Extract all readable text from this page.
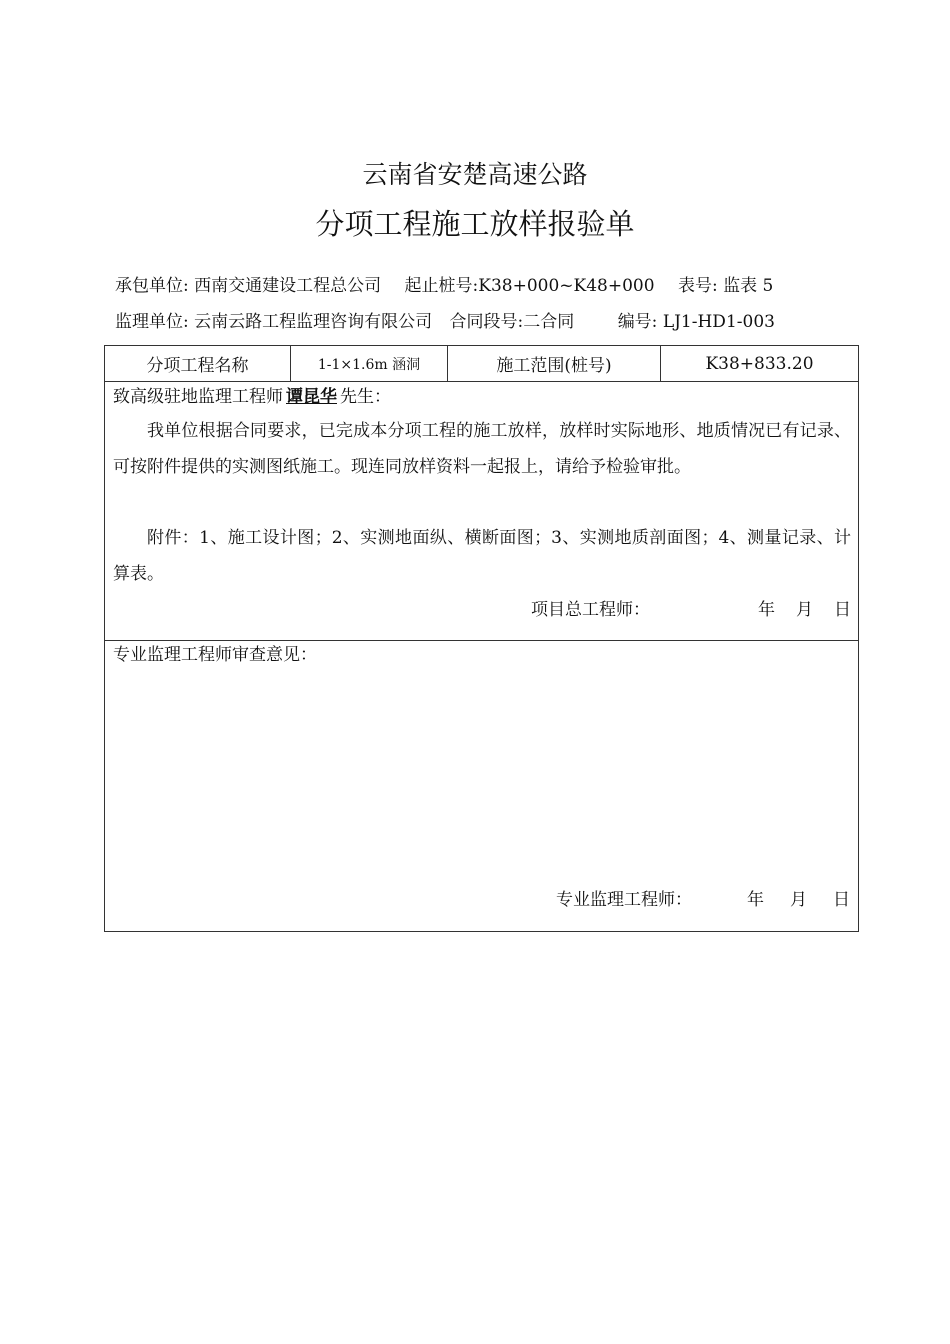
云南省安楚高速公路
分项工程施工放样报验单
承包单位: 西南交通建设工程总公司 起止桩号:K38+000~K48+000 表号: 监表 5
监理单位: 云南云路工程监理咨询有限公司 合同段号:二合同	编号: LJ1-HD1-003
分项工程名称	1-1×1.6m 涵洞	施工范围(桩号)	K38+833.20
致高级驻地监理工程师 谭昆华 先生：
我单位根据合同要求，已完成本分项工程的施工放样，放样时实际地形、地质情况已有记录、可按附件提供的实测图纸施工。现连同放样资料一起报上，请给予检验审批。
附件：1、施工设计图；2、实测地面纵、横断面图；3、实测地质剖面图；4、测量记录、计算表。
项目总工程师：	年 月 日
专业监理工程师审查意见：
专业监理工程师：	年 月 日
